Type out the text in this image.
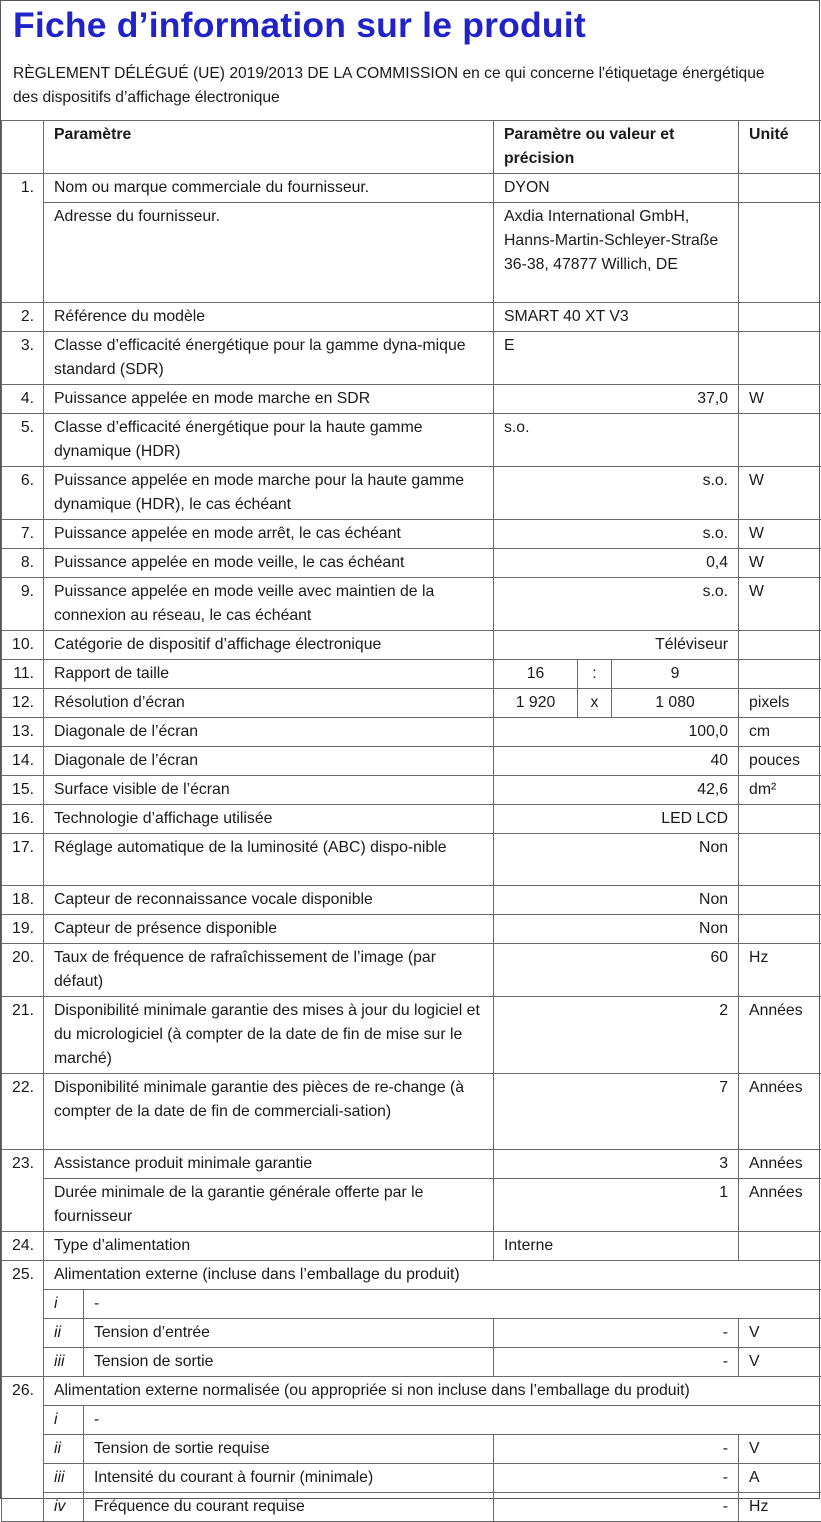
Fiche d’information sur le produit
RÈGLEMENT DÉLÉGUÉ (UE) 2019/2013 DE LA COMMISSION en ce qui concerne l'étiquetage énergétique des dispositifs d’affichage électronique
	Paramètre		Paramètre ou valeur et précision			Unité
1.	Nom ou marque commerciale du fournisseur.		DYON			
	Adresse du fournisseur.		Axdia International GmbH, Hanns-Martin-Schleyer-Straße 36-38, 47877 Willich, DE			
2.	Référence du modèle		SMART 40 XT V3			
3.	Classe d’efficacité énergétique pour la gamme dyna-mique standard (SDR)		E			
4.	Puissance appelée en mode marche en SDR		37,0			W
5.	Classe d’efficacité énergétique pour la haute gamme dynamique (HDR)		s.o.			
6.	Puissance appelée en mode marche pour la haute gamme dynamique (HDR), le cas échéant		s.o.			W
7.	Puissance appelée en mode arrêt, le cas échéant		s.o.			W
8.	Puissance appelée en mode veille, le cas échéant		0,4			W
9.	Puissance appelée en mode veille avec maintien de la connexion au réseau, le cas échéant		s.o.			W
10.	Catégorie de dispositif d’affichage électronique		Téléviseur			
11.	Rapport de taille		16	:	9	
12.	Résolution d’écran		1 920	x	1 080	pixels
13.	Diagonale de l’écran		100,0			cm
14.	Diagonale de l’écran		40			pouces
15.	Surface visible de l’écran		42,6			dm²
16.	Technologie d’affichage utilisée		LED LCD			
17.	Réglage automatique de la luminosité (ABC) dispo-nible		Non			
18.	Capteur de reconnaissance vocale disponible		Non			
19.	Capteur de présence disponible		Non			
20.	Taux de fréquence de rafraîchissement de l’image (par défaut)		60			Hz
21.	Disponibilité minimale garantie des mises à jour du logiciel et du micrologiciel (à compter de la date de fin de mise sur le marché)		2			Années
22.	Disponibilité minimale garantie des pièces de re-change (à compter de la date de fin de commerciali-sation)		7			Années
23.	Assistance produit minimale garantie		3			Années
	Durée minimale de la garantie générale offerte par le fournisseur		1			Années
24.	Type d’alimentation		Interne			
25.	Alimentation externe (incluse dans l’emballage du produit)					
	i	-				
	ii	Tension d’entrée	-			V
	iii	Tension de sortie	-			V
26.	Alimentation externe normalisée (ou appropriée si non incluse dans l’emballage du produit)					
	i	-				
	ii	Tension de sortie requise	-			V
	iii	Intensité du courant à fournir (minimale)	-			A
	iv	Fréquence du courant requise	-			Hz
